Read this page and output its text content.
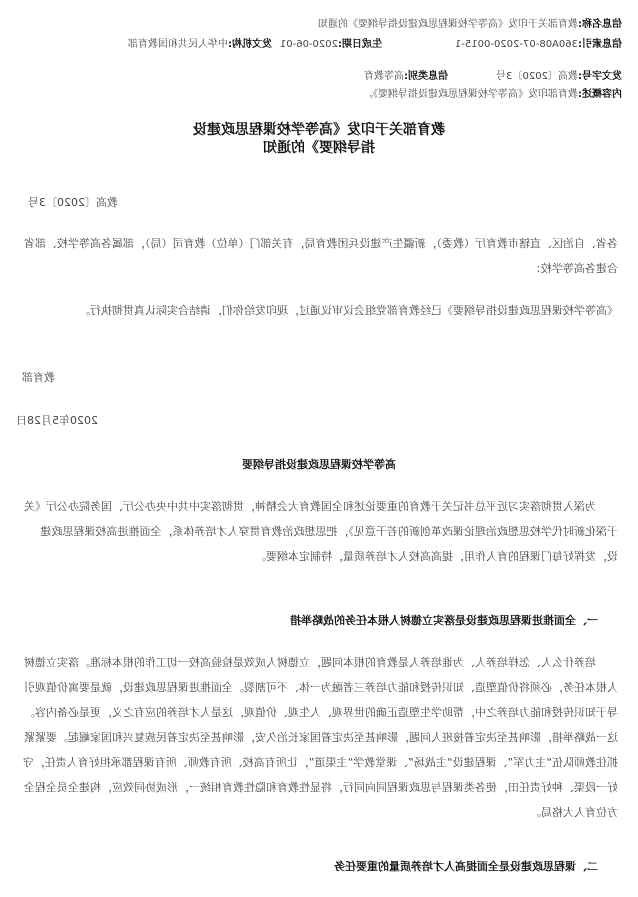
信息名称:教育部关于印发《高等学校课程思政建设指导纲要》的通知
信息索引:360A08-07-2020-0015-1
生成日期:2020-06-01
发文机构:中华人民共和国教育部
发文字号:教高〔2020〕3号
信息类别:高等教育
内容概述:教育部印发《高等学校课程思政建设指导纲要》。
教育部关于印发《高等学校课程思政建设
指导纲要》的通知
教高〔2020〕3号
各省、自治区、直辖市教育厅（教委），新疆生产建设兵团教育局，有关部门（单位）教育司（局），部属各高等学校、部省合建各高等学校：
《高等学校课程思政建设指导纲要》已经教育部党组会议审议通过，现印发给你们，请结合实际认真贯彻执行。
教育部
2020年5月28日
高等学校课程思政建设指导纲要
为深入贯彻落实习近平总书记关于教育的重要论述和全国教育大会精神，贯彻落实中共中央办公厅、国务院办公厅《关于深化新时代学校思想政治理论课改革创新的若干意见》，把思想政治教育贯穿人才培养体系，全面推进高校课程思政建设，发挥好每门课程的育人作用，提高高校人才培养质量，特制定本纲要。
一、全面推进课程思政建设是落实立德树人根本任务的战略举措
培养什么人、怎样培养人、为谁培养人是教育的根本问题，立德树人成效是检验高校一切工作的根本标准。落实立德树人根本任务，必须将价值塑造、知识传授和能力培养三者融为一体、不可割裂。全面推进课程思政建设，就是要寓价值观引导于知识传授和能力培养之中，帮助学生塑造正确的世界观、人生观、价值观，这是人才培养的应有之义，更是必备内容。这一战略举措，影响甚至决定着接班人问题，影响甚至决定着国家长治久安，影响甚至决定着民族复兴和国家崛起。要紧紧抓住教师队伍“主力军”、课程建设“主战场”、课堂教学“主渠道”，让所有高校、所有教师、所有课程都承担好育人责任，守好一段渠、种好责任田，使各类课程与思政课程同向同行，将显性教育和隐性教育相统一，形成协同效应，构建全员全程全方位育人大格局。
二、课程思政建设是全面提高人才培养质量的重要任务
